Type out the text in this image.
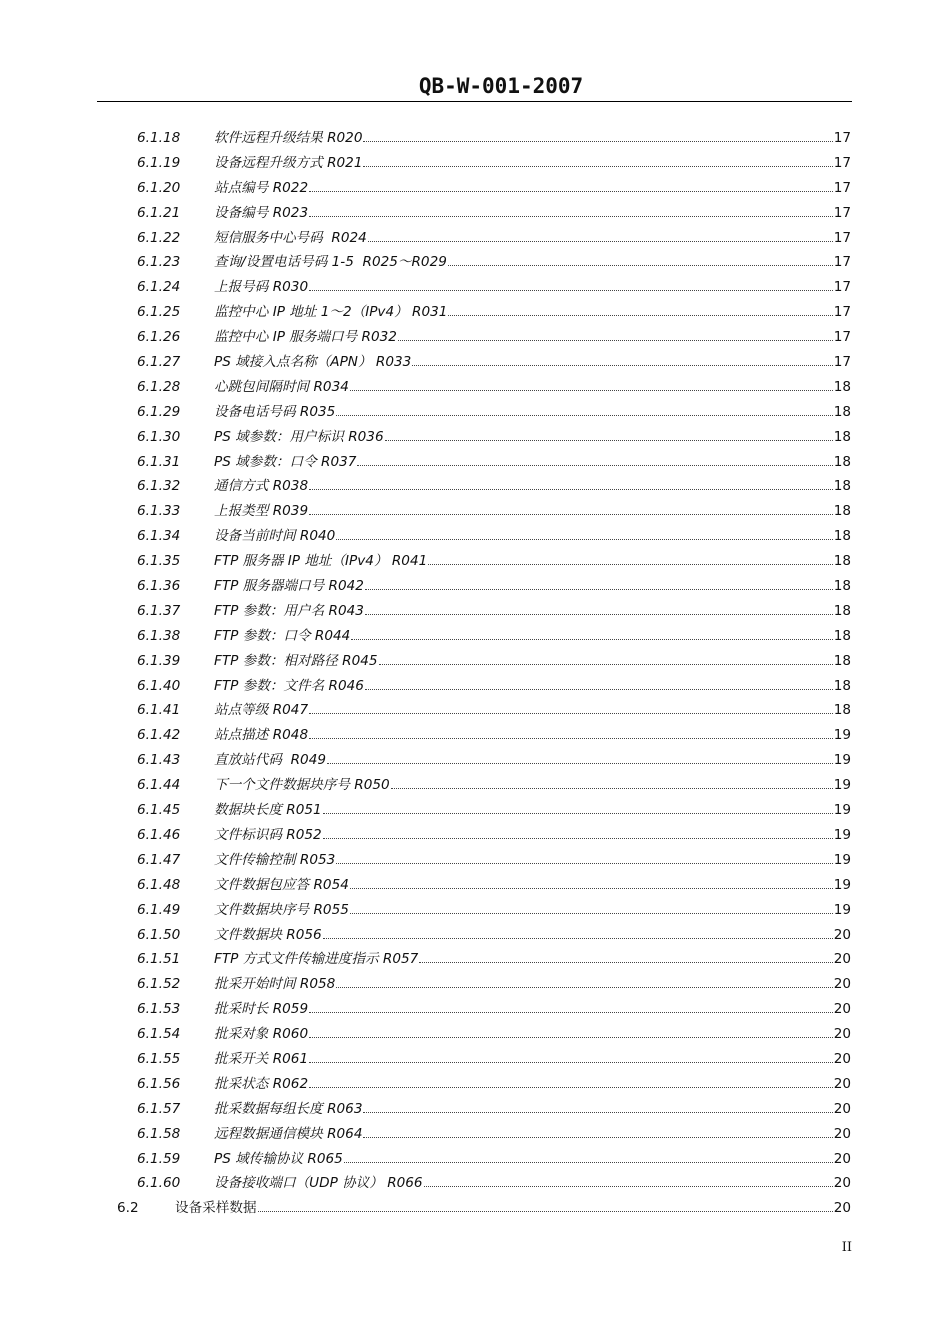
QB-W-001-2007
6.1.18 软件远程升级结果 R020	17
6.1.19 设备远程升级方式 R021	17
6.1.20 站点编号 R022	17
6.1.21 设备编号 R023	17
6.1.22 短信服务中心号码  R024	17
6.1.23 查询/设置电话号码 1-5  R025～R029	17
6.1.24 上报号码 R030	17
6.1.25 监控中心 IP 地址 1～2（IPv4） R031	17
6.1.26 监控中心 IP 服务端口号 R032	17
6.1.27 PS 域接入点名称（APN） R033	17
6.1.28 心跳包间隔时间 R034	18
6.1.29 设备电话号码 R035	18
6.1.30 PS 域参数：用户标识 R036	18
6.1.31 PS 域参数：口令 R037	18
6.1.32 通信方式 R038	18
6.1.33 上报类型 R039	18
6.1.34 设备当前时间 R040	18
6.1.35 FTP 服务器 IP 地址（IPv4） R041	18
6.1.36 FTP 服务器端口号 R042	18
6.1.37 FTP 参数：用户名 R043	18
6.1.38 FTP 参数：口令 R044	18
6.1.39 FTP 参数：相对路径 R045	18
6.1.40 FTP 参数：文件名 R046	18
6.1.41 站点等级 R047	18
6.1.42 站点描述 R048	19
6.1.43 直放站代码  R049	19
6.1.44 下一个文件数据块序号 R050	19
6.1.45 数据块长度 R051	19
6.1.46 文件标识码 R052	19
6.1.47 文件传输控制 R053	19
6.1.48 文件数据包应答 R054	19
6.1.49 文件数据块序号 R055	19
6.1.50 文件数据块 R056	20
6.1.51 FTP 方式文件传输进度指示 R057	20
6.1.52 批采开始时间 R058	20
6.1.53 批采时长 R059	20
6.1.54 批采对象 R060	20
6.1.55 批采开关 R061	20
6.1.56 批采状态 R062	20
6.1.57 批采数据每组长度 R063	20
6.1.58 远程数据通信模块 R064	20
6.1.59 PS 域传输协议 R065	20
6.1.60 设备接收端口（UDP 协议） R066	20
6.2	设备采样数据	20
II
